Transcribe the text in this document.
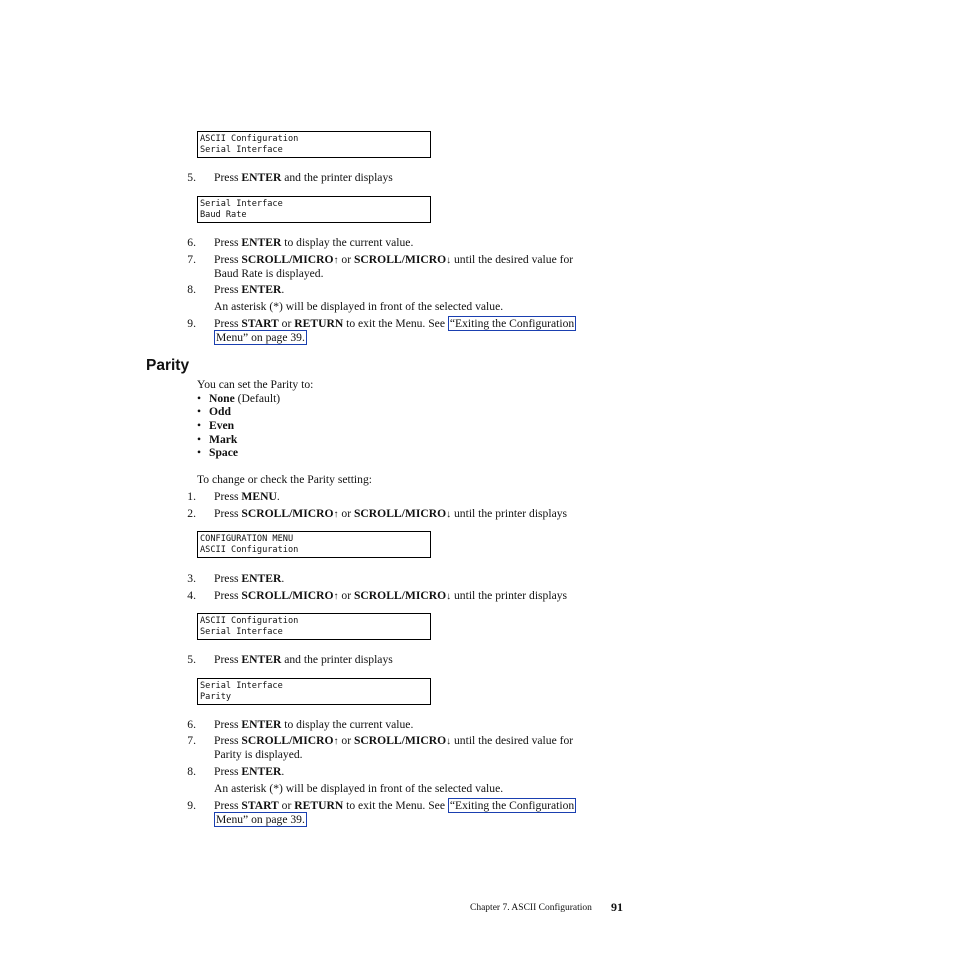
ASCII Configuration
Serial Interface
5. Press ENTER and the printer displays
Serial Interface
Baud Rate
6. Press ENTER to display the current value.
7. Press SCROLL/MICRO↑ or SCROLL/MICRO↓ until the desired value for
Baud Rate is displayed.
8. Press ENTER.
An asterisk (*) will be displayed in front of the selected value.
9. Press START or RETURN to exit the Menu. See “Exiting the Configuration
Menu” on page 39.
Parity
You can set the Parity to:
• None (Default)
• Odd
• Even
• Mark
• Space
To change or check the Parity setting:
1. Press MENU.
2. Press SCROLL/MICRO↑ or SCROLL/MICRO↓ until the printer displays
CONFIGURATION MENU
ASCII Configuration
3. Press ENTER.
4. Press SCROLL/MICRO↑ or SCROLL/MICRO↓ until the printer displays
ASCII Configuration
Serial Interface
5. Press ENTER and the printer displays
Serial Interface
Parity
6. Press ENTER to display the current value.
7. Press SCROLL/MICRO↑ or SCROLL/MICRO↓ until the desired value for
Parity is displayed.
8. Press ENTER.
An asterisk (*) will be displayed in front of the selected value.
9. Press START or RETURN to exit the Menu. See “Exiting the Configuration
Menu” on page 39.
Chapter 7. ASCII Configuration 91
